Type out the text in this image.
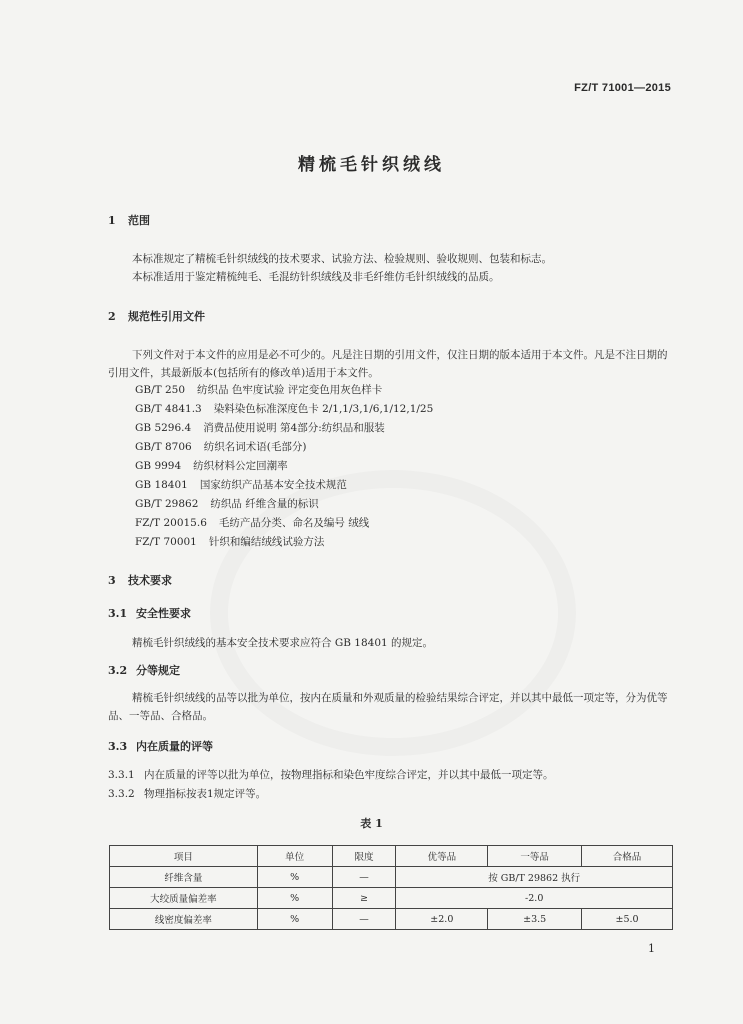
FZ/T 71001—2015
精梳毛针织绒线
1 范围
本标准规定了精梳毛针织绒线的技术要求、试验方法、检验规则、验收规则、包装和标志。
本标准适用于鉴定精梳纯毛、毛混纺针织绒线及非毛纤维仿毛针织绒线的品质。
2 规范性引用文件
下列文件对于本文件的应用是必不可少的。凡是注日期的引用文件，仅注日期的版本适用于本文件。凡是不注日期的引用文件，其最新版本(包括所有的修改单)适用于本文件。
GB/T 250 纺织品 色牢度试验 评定变色用灰色样卡
GB/T 4841.3 染料染色标准深度色卡 2/1,1/3,1/6,1/12,1/25
GB 5296.4 消费品使用说明 第4部分:纺织品和服装
GB/T 8706 纺织名词术语(毛部分)
GB 9994 纺织材料公定回潮率
GB 18401 国家纺织产品基本安全技术规范
GB/T 29862 纺织品 纤维含量的标识
FZ/T 20015.6 毛纺产品分类、命名及编号 绒线
FZ/T 70001 针织和编结绒线试验方法
3 技术要求
3.1 安全性要求
精梳毛针织绒线的基本安全技术要求应符合 GB 18401 的规定。
3.2 分等规定
精梳毛针织绒线的品等以批为单位，按内在质量和外观质量的检验结果综合评定，并以其中最低一项定等，分为优等品、一等品、合格品。
3.3 内在质量的评等
3.3.1 内在质量的评等以批为单位，按物理指标和染色牢度综合评定，并以其中最低一项定等。
3.3.2 物理指标按表1规定评等。
表 1
项目	单位	限度	优等品	一等品	合格品
纤维含量	%	—	按 GB/T 29862 执行		
大绞质量偏差率	%	≥	-2.0		
线密度偏差率	%	—	±2.0	±3.5	±5.0
1
